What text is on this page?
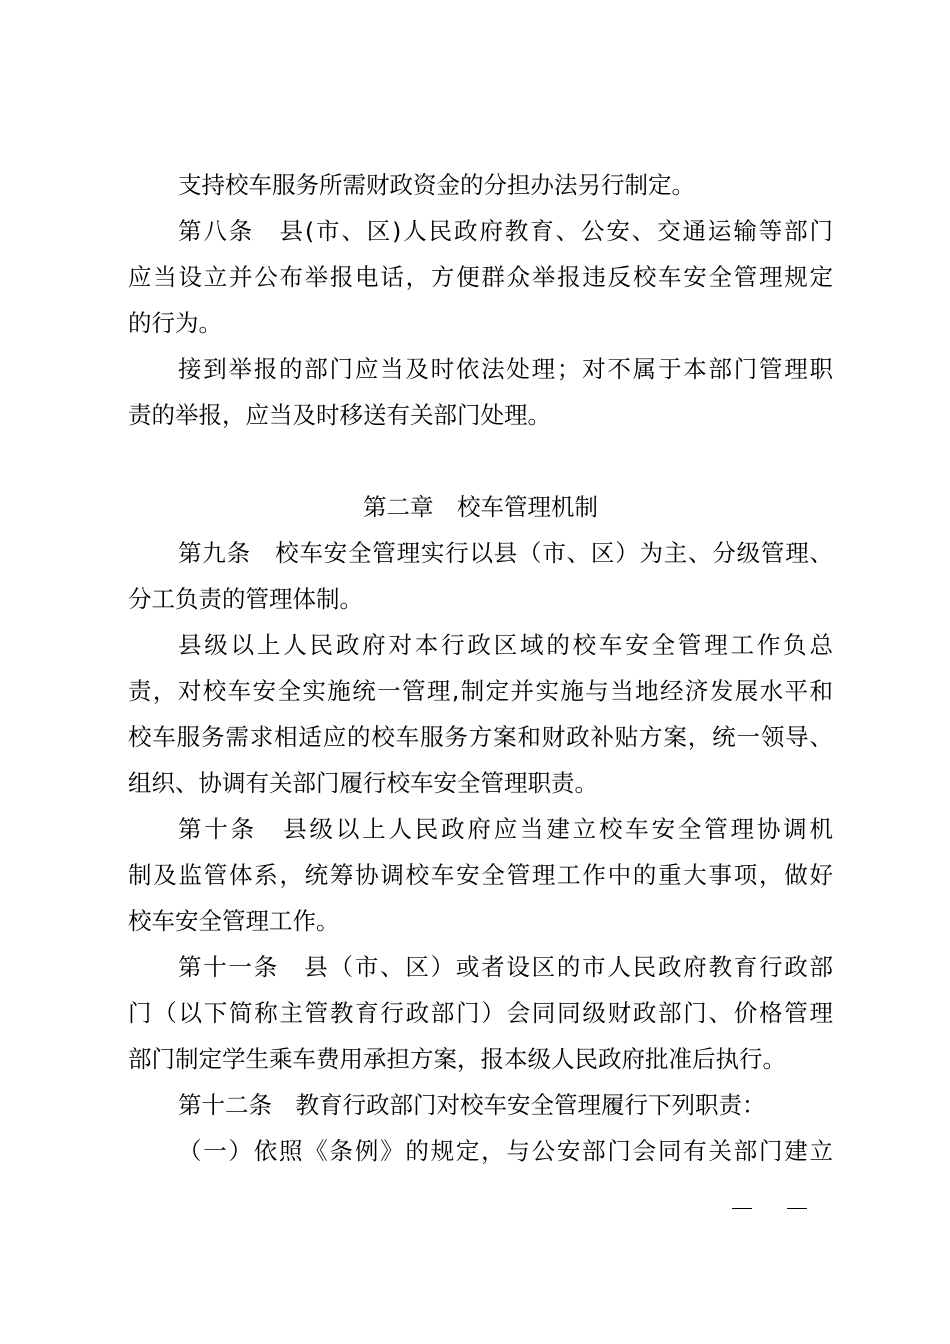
支持校车服务所需财政资金的分担办法另行制定。
第八条　县(市、区)人民政府教育、公安、交通运输等部门
应当设立并公布举报电话，方便群众举报违反校车安全管理规定
的行为。
接到举报的部门应当及时依法处理；对不属于本部门管理职
责的举报，应当及时移送有关部门处理。
第二章　校车管理机制
第九条　校车安全管理实行以县（市、区）为主、分级管理、
分工负责的管理体制。
县级以上人民政府对本行政区域的校车安全管理工作负总
责，对校车安全实施统一管理,制定并实施与当地经济发展水平和
校车服务需求相适应的校车服务方案和财政补贴方案，统一领导、
组织、协调有关部门履行校车安全管理职责。
第十条　县级以上人民政府应当建立校车安全管理协调机
制及监管体系，统筹协调校车安全管理工作中的重大事项，做好
校车安全管理工作。
第十一条　县（市、区）或者设区的市人民政府教育行政部
门（以下简称主管教育行政部门）会同同级财政部门、价格管理
部门制定学生乘车费用承担方案，报本级人民政府批准后执行。
第十二条　教育行政部门对校车安全管理履行下列职责：
（一）依照《条例》的规定，与公安部门会同有关部门建立
